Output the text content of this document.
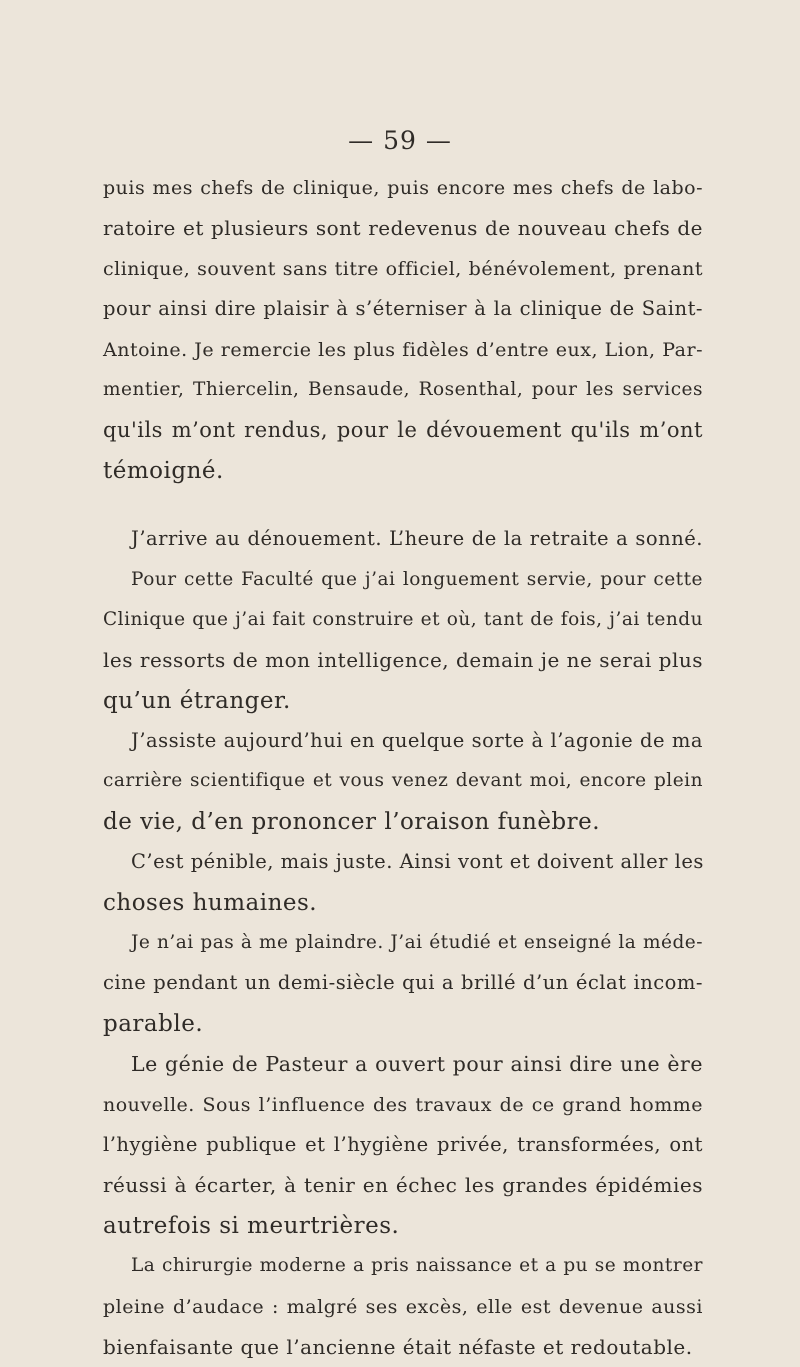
— 59 —
puis mes chefs de clinique, puis encore mes chefs de labo-
ratoire et plusieurs sont redevenus de nouveau chefs de
clinique, souvent sans titre officiel, bénévolement, prenant
pour ainsi dire plaisir à s’éterniser à la clinique de Saint-
Antoine. Je remercie les plus fidèles d’entre eux, Lion, Par-
mentier, Thiercelin, Bensaude, Rosenthal, pour les services
qu'ils m’ont rendus, pour le dévouement qu'ils m’ont
témoigné.
J’arrive au dénouement. L’heure de la retraite a sonné.
Pour cette Faculté que j’ai longuement servie, pour cette
Clinique que j’ai fait construire et où, tant de fois, j’ai tendu
les ressorts de mon intelligence, demain je ne serai plus
qu’un étranger.
J’assiste aujourd’hui en quelque sorte à l’agonie de ma
carrière scientifique et vous venez devant moi, encore plein
de vie, d’en prononcer l’oraison funèbre.
C’est pénible, mais juste. Ainsi vont et doivent aller les
choses humaines.
Je n’ai pas à me plaindre. J’ai étudié et enseigné la méde-
cine pendant un demi-siècle qui a brillé d’un éclat incom-
parable.
Le génie de Pasteur a ouvert pour ainsi dire une ère
nouvelle. Sous l’influence des travaux de ce grand homme
l’hygiène publique et l’hygiène privée, transformées, ont
réussi à écarter, à tenir en échec les grandes épidémies
autrefois si meurtrières.
La chirurgie moderne a pris naissance et a pu se montrer
pleine d’audace : malgré ses excès, elle est devenue aussi
bienfaisante que l’ancienne était néfaste et redoutable.
